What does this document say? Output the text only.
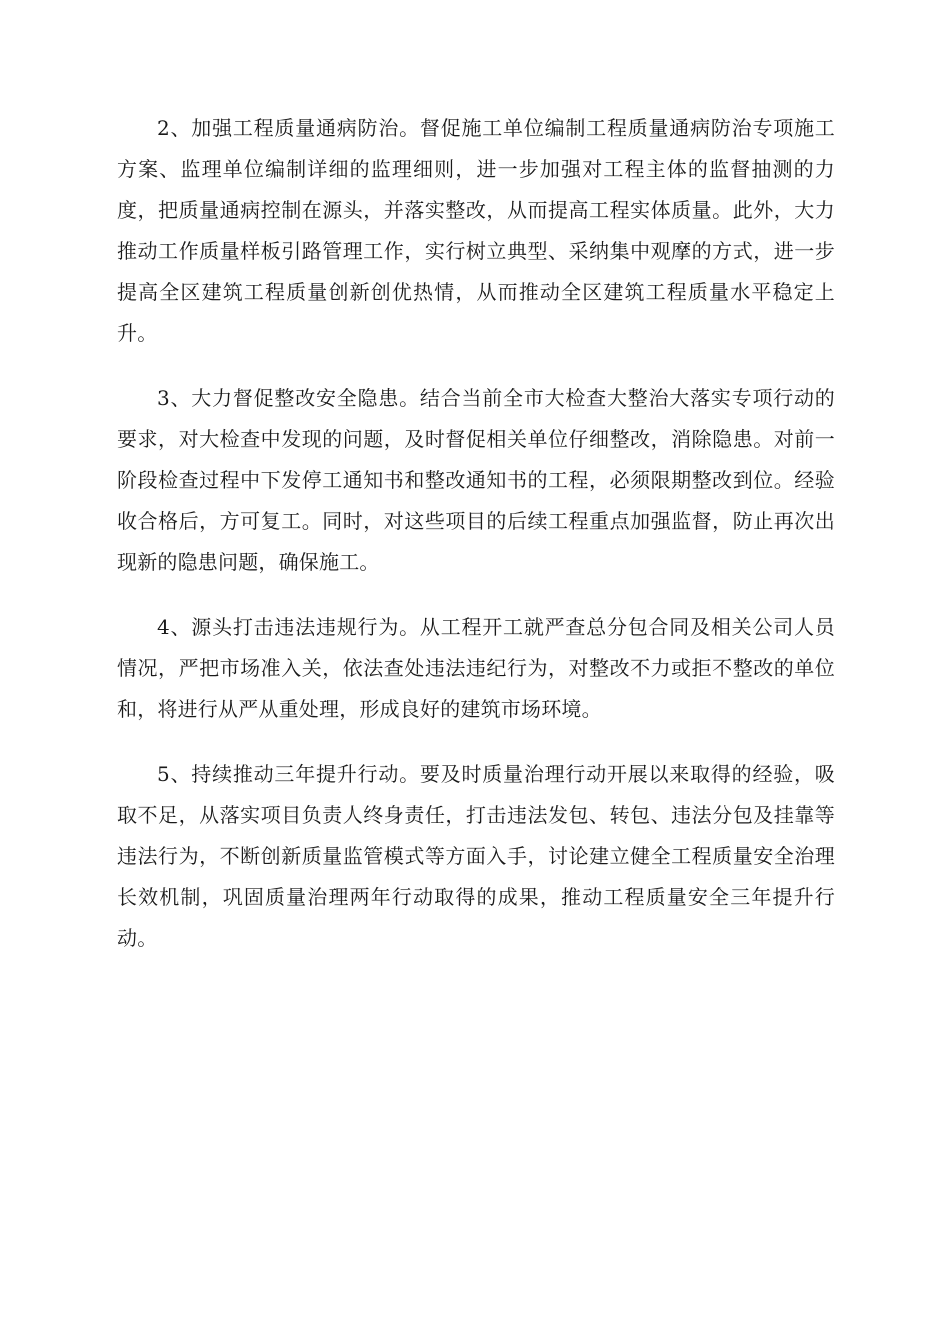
2、加强工程质量通病防治。督促施工单位编制工程质量通病防治专项施工方案、监理单位编制详细的监理细则，进一步加强对工程主体的监督抽测的力度，把质量通病控制在源头，并落实整改，从而提高工程实体质量。此外，大力推动工作质量样板引路管理工作，实行树立典型、采纳集中观摩的方式，进一步提高全区建筑工程质量创新创优热情，从而推动全区建筑工程质量水平稳定上升。

3、大力督促整改安全隐患。结合当前全市大检查大整治大落实专项行动的要求，对大检查中发现的问题，及时督促相关单位仔细整改，消除隐患。对前一阶段检查过程中下发停工通知书和整改通知书的工程，必须限期整改到位。经验收合格后，方可复工。同时，对这些项目的后续工程重点加强监督，防止再次出现新的隐患问题，确保施工。

4、源头打击违法违规行为。从工程开工就严查总分包合同及相关公司人员情况，严把市场准入关，依法查处违法违纪行为，对整改不力或拒不整改的单位和，将进行从严从重处理，形成良好的建筑市场环境。

5、持续推动三年提升行动。要及时质量治理行动开展以来取得的经验，吸取不足，从落实项目负责人终身责任，打击违法发包、转包、违法分包及挂靠等违法行为，不断创新质量监管模式等方面入手，讨论建立健全工程质量安全治理长效机制，巩固质量治理两年行动取得的成果，推动工程质量安全三年提升行动。
